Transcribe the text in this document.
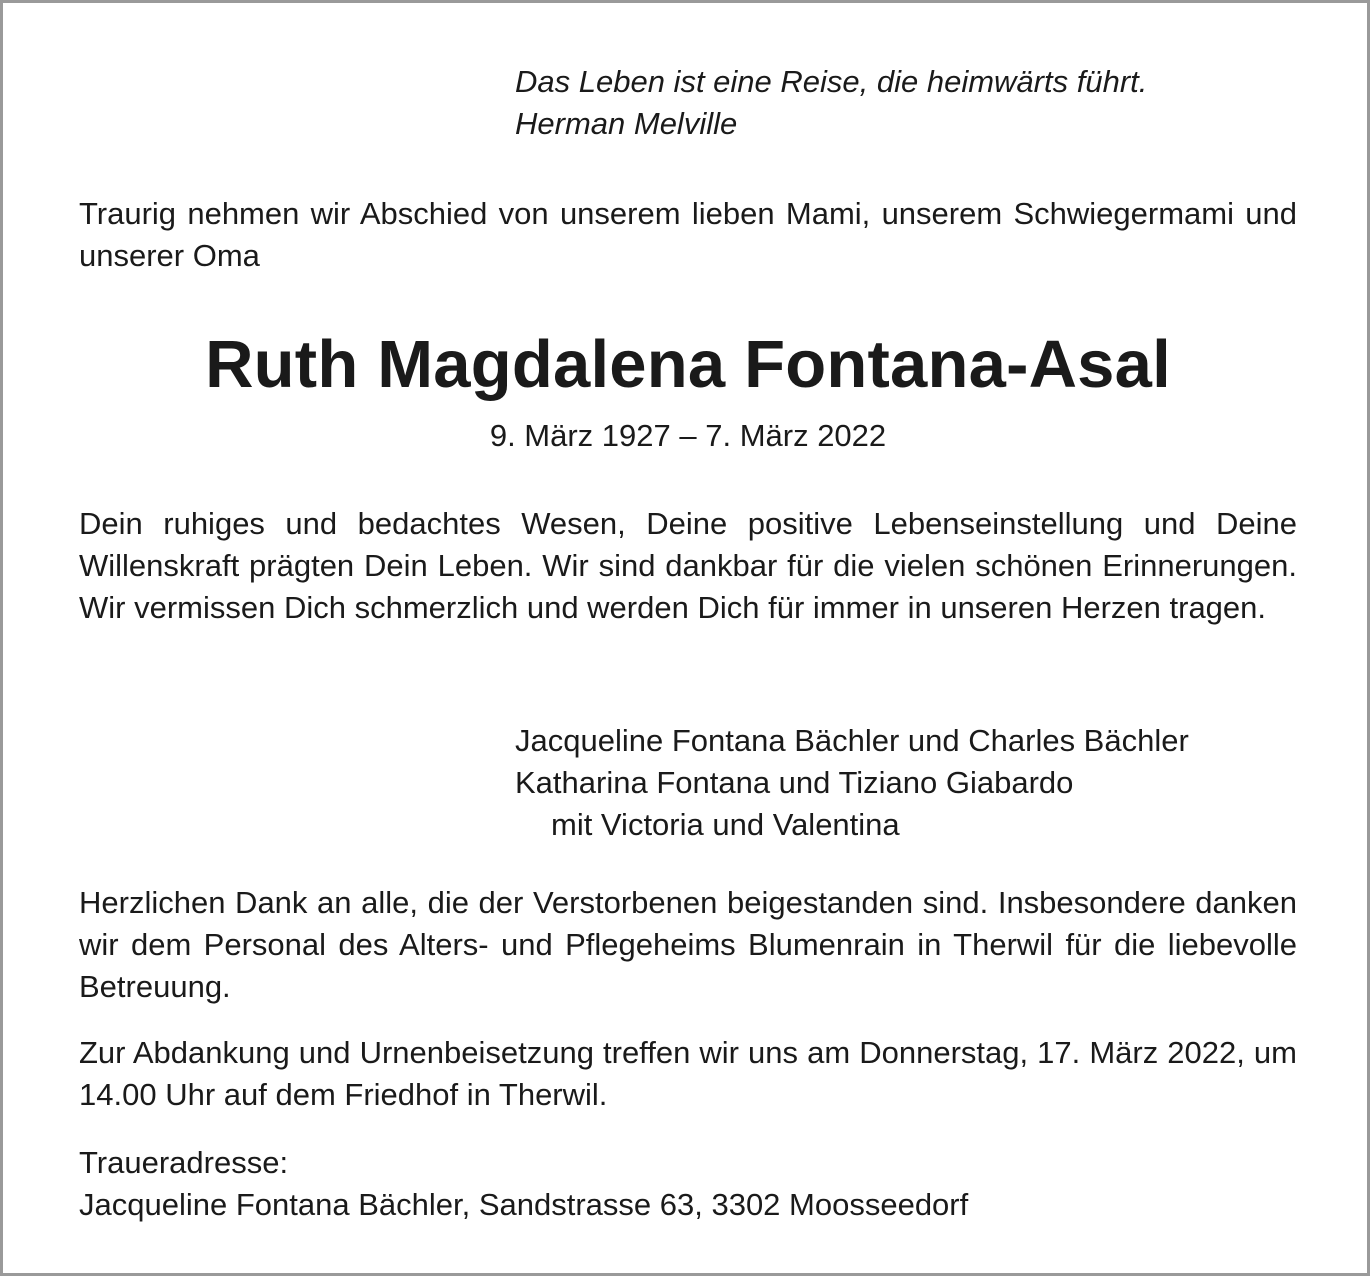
Das Leben ist eine Reise, die heimwärts führt.
Herman Melville
Traurig nehmen wir Abschied von unserem lieben Mami, unserem Schwiegermami und unserer Oma
Ruth Magdalena Fontana-Asal
9. März 1927 – 7. März 2022
Dein ruhiges und bedachtes Wesen, Deine positive Lebenseinstellung und Deine Willenskraft prägten Dein Leben. Wir sind dankbar für die vielen schönen Erinnerungen. Wir vermissen Dich schmerzlich und werden Dich für immer in unseren Herzen tragen.
Jacqueline Fontana Bächler und Charles Bächler
Katharina Fontana und Tiziano Giabardo
mit Victoria und Valentina
Herzlichen Dank an alle, die der Verstorbenen beigestanden sind. Insbesondere danken wir dem Personal des Alters- und Pflegeheims Blumenrain in Therwil für die liebevolle Betreuung.
Zur Abdankung und Urnenbeisetzung treffen wir uns am Donnerstag, 17. März 2022, um 14.00 Uhr auf dem Friedhof in Therwil.
Traueradresse:
Jacqueline Fontana Bächler, Sandstrasse 63, 3302 Moosseedorf
